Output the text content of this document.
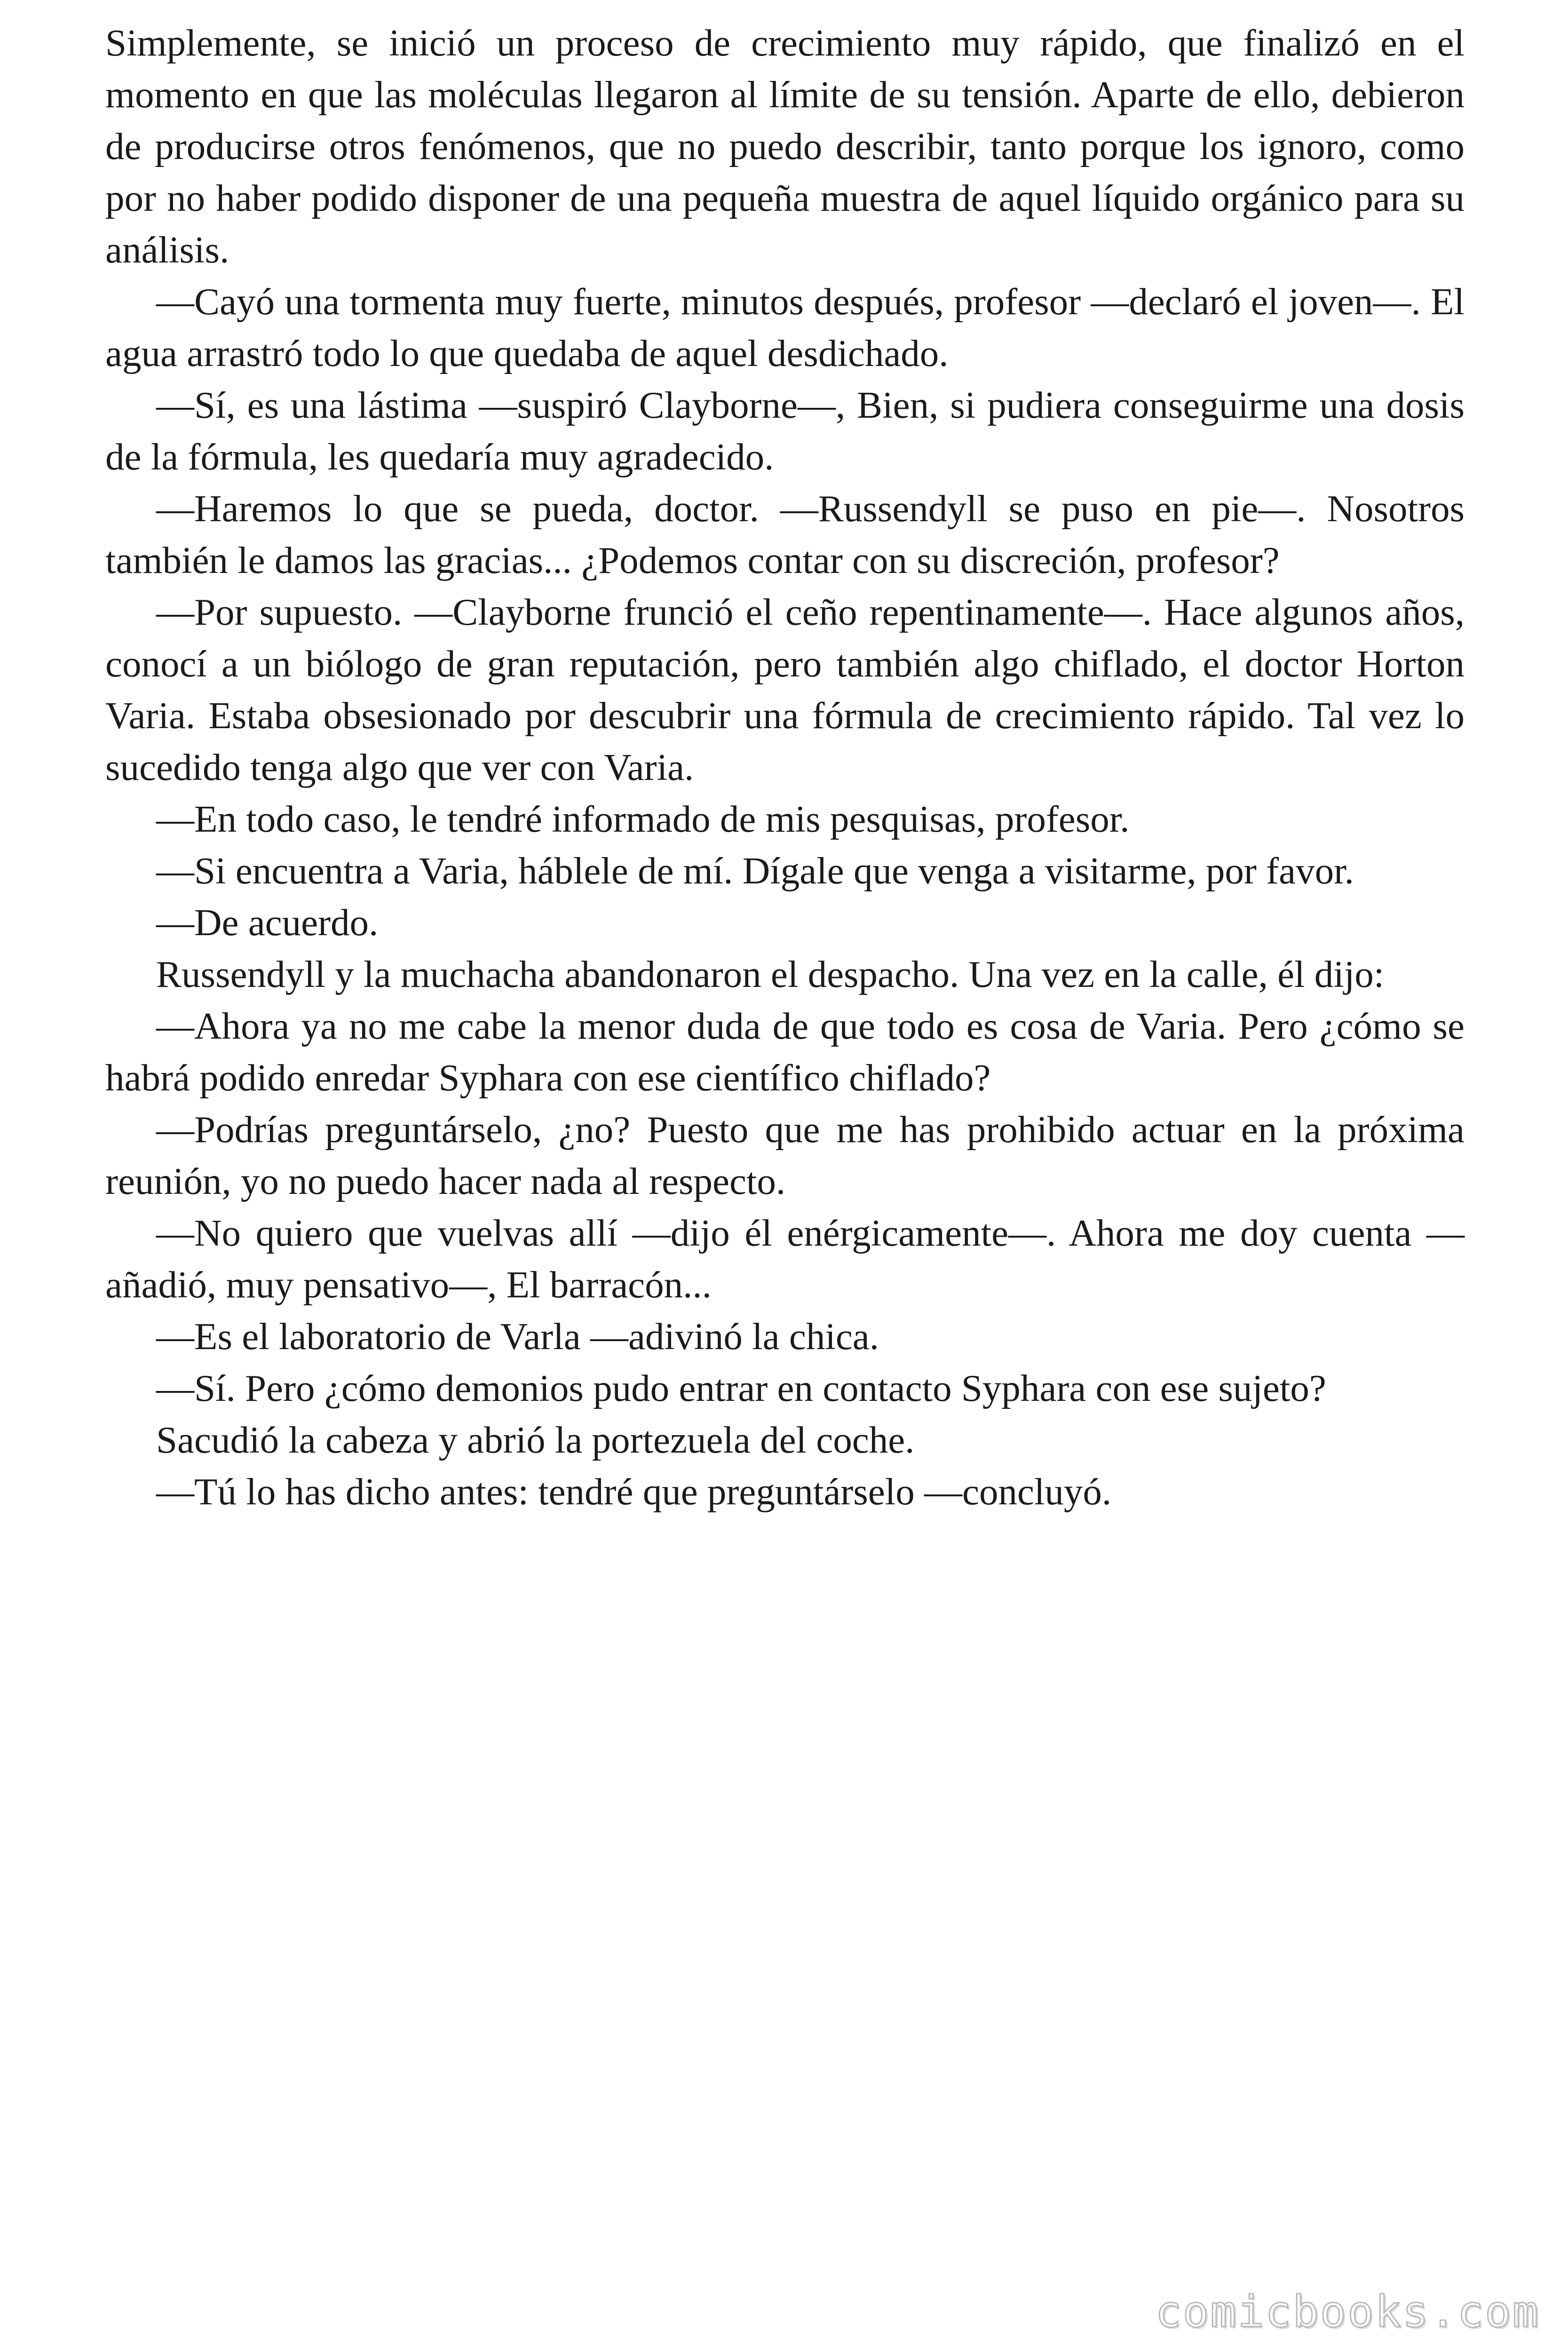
Simplemente, se inició un proceso de crecimiento muy rápido, que finalizó en el momento en que las moléculas llegaron al límite de su tensión. Aparte de ello, debieron de producirse otros fenómenos, que no puedo describir, tanto porque los ignoro, como por no haber podido disponer de una pequeña muestra de aquel líquido orgánico para su análisis.

—Cayó una tormenta muy fuerte, minutos después, profesor —declaró el joven—. El agua arrastró todo lo que quedaba de aquel desdichado.

—Sí, es una lástima —suspiró Clayborne—, Bien, si pudiera conseguirme una dosis de la fórmula, les quedaría muy agradecido.

—Haremos lo que se pueda, doctor. —Russendyll se puso en pie—. Nosotros también le damos las gracias... ¿Podemos contar con su discreción, profesor?

—Por supuesto. —Clayborne frunció el ceño repentinamente—. Hace algunos años, conocí a un biólogo de gran reputación, pero también algo chiflado, el doctor Horton Varia. Estaba obsesionado por descubrir una fórmula de crecimiento rápido. Tal vez lo sucedido tenga algo que ver con Varia.

—En todo caso, le tendré informado de mis pesquisas, profesor.

—Si encuentra a Varia, háblele de mí. Dígale que venga a visitarme, por favor.

—De acuerdo.

Russendyll y la muchacha abandonaron el despacho. Una vez en la calle, él dijo:

—Ahora ya no me cabe la menor duda de que todo es cosa de Varia. Pero ¿cómo se habrá podido enredar Syphara con ese científico chiflado?

—Podrías preguntárselo, ¿no? Puesto que me has prohibido actuar en la próxima reunión, yo no puedo hacer nada al respecto.

—No quiero que vuelvas allí —dijo él enérgicamente—. Ahora me doy cuenta —añadió, muy pensativo—, El barracón...

—Es el laboratorio de Varla —adivinó la chica.

—Sí. Pero ¿cómo demonios pudo entrar en contacto Syphara con ese sujeto?

Sacudió la cabeza y abrió la portezuela del coche.

—Tú lo has dicho antes: tendré que preguntárselo —concluyó.

comicbooks.com
